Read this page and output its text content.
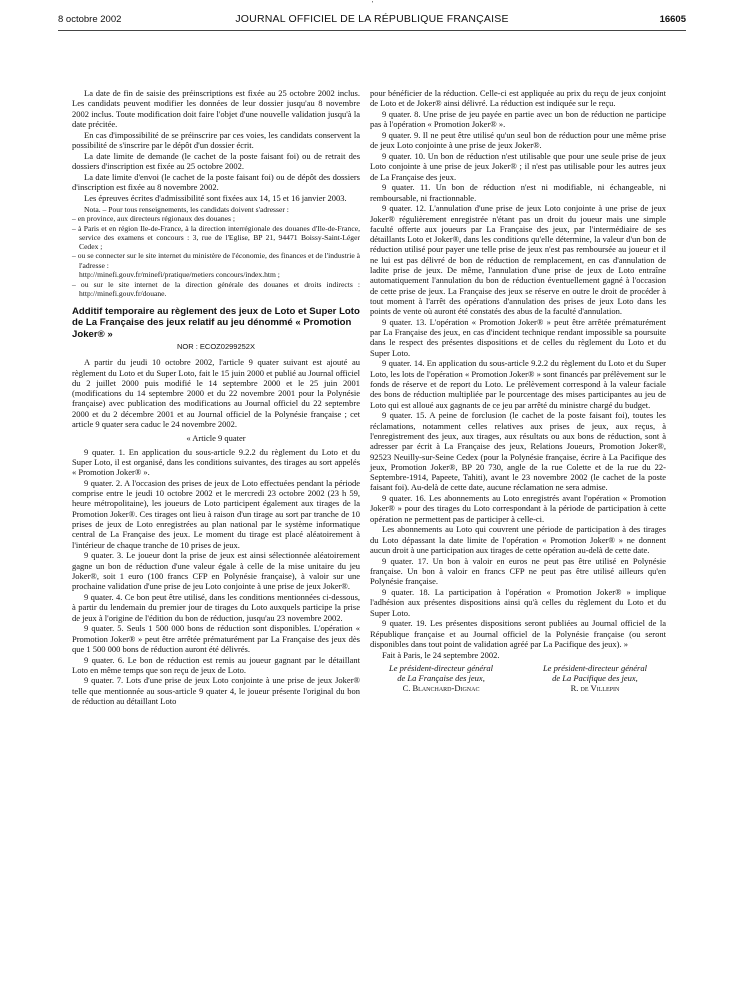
'
8 octobre 2002	JOURNAL OFFICIEL DE LA RÉPUBLIQUE FRANÇAISE	16605

La date de fin de saisie des préinscriptions est fixée au 25 octobre 2002 inclus. Les candidats peuvent modifier les données de leur dossier jusqu'au 8 novembre 2002 inclus. Toute modification doit faire l'objet d'une nouvelle validation jusqu'à la date précitée.

En cas d'impossibilité de se préinscrire par ces voies, les candidats conservent la possibilité de s'inscrire par le dépôt d'un dossier écrit.

La date limite de demande (le cachet de la poste faisant foi) ou de retrait des dossiers d'inscription est fixée au 25 octobre 2002.

La date limite d'envoi (le cachet de la poste faisant foi) ou de dépôt des dossiers d'inscription est fixée au 8 novembre 2002.

Les épreuves écrites d'admissibilité sont fixées aux 14, 15 et 16 janvier 2003.

Nota. – Pour tous renseignements, les candidats doivent s'adresser :

– en province, aux directeurs régionaux des douanes ;

– à Paris et en région Ile-de-France, à la direction interrégionale des douanes d'Ile-de-France, service des examens et concours : 3, rue de l'Eglise, BP 21, 94471 Boissy-Saint-Léger Cedex ;

– ou se connecter sur le site internet du ministère de l'économie, des finances et de l'industrie à l'adresse :

http://minefi.gouv.fr/minefi/pratique/metiers concours/index.htm ;

– ou sur le site internet de la direction générale des douanes et droits indirects : http://minefi.gouv.fr/douane.

Additif temporaire au règlement des jeux de Loto et Super Loto de La Française des jeux relatif au jeu dénommé « Promotion Joker® »
NOR : ECOZ0299252X

A partir du jeudi 10 octobre 2002, l'article 9 quater suivant est ajouté au règlement du Loto et du Super Loto, fait le 15 juin 2000 et publié au Journal officiel du 2 juillet 2000 puis modifié le 14 septembre 2000 et le 25 juin 2001 (modifications du 14 septembre 2000 et du 22 novembre 2001 pour la Polynésie française) avec publication des modifications au Journal officiel du 22 septembre 2000 et du 2 décembre 2001 et au Journal officiel de la Polynésie française ; cet article 9 quater sera caduc le 24 novembre 2002.

« Article 9 quater

9 quater. 1. En application du sous-article 9.2.2 du règlement du Loto et du Super Loto, il est organisé, dans les conditions suivantes, des tirages au sort appelés « Promotion Joker® ».

9 quater. 2. A l'occasion des prises de jeux de Loto effectuées pendant la période comprise entre le jeudi 10 octobre 2002 et le mercredi 23 octobre 2002 (23 h 59, heure métropolitaine), les joueurs de Loto participent également aux tirages de la Promotion Joker®. Ces tirages ont lieu à raison d'un tirage au sort par tranche de 10 prises de jeux de Loto enregistrées au plan national par le système informatique central de La Française des jeux. Le moment du tirage est placé aléatoirement à l'intérieur de chaque tranche de 10 prises de jeux.

9 quater. 3. Le joueur dont la prise de jeux est ainsi sélectionnée aléatoirement gagne un bon de réduction d'une valeur égale à celle de la mise unitaire du jeu Joker®, soit 1 euro (100 francs CFP en Polynésie française), à valoir sur une prochaine validation d'une prise de jeu Loto conjointe à une prise de jeux Joker®.

9 quater. 4. Ce bon peut être utilisé, dans les conditions mentionnées ci-dessous, à partir du lendemain du premier jour de tirages du Loto auxquels participe la prise de jeux à l'origine de l'édition du bon de réduction, jusqu'au 23 novembre 2002.

9 quater. 5. Seuls 1 500 000 bons de réduction sont disponibles. L'opération « Promotion Joker® » peut être arrêtée prématurément par La Française des jeux dès que 1 500 000 bons de réduction auront été délivrés.

9 quater. 6. Le bon de réduction est remis au joueur gagnant par le détaillant Loto en même temps que son reçu de jeux de Loto.

9 quater. 7. Lots d'une prise de jeux Loto conjointe à une prise de jeux Joker® telle que mentionnée au sous-article 9 quater 4, le joueur présente l'original du bon de réduction au détaillant Loto

pour bénéficier de la réduction. Celle-ci est appliquée au prix du reçu de jeux conjoint de Loto et de Joker® ainsi délivré. La réduction est indiquée sur le reçu.

9 quater. 8. Une prise de jeu payée en partie avec un bon de réduction ne participe pas à l'opération « Promotion Joker® ».

9 quater. 9. Il ne peut être utilisé qu'un seul bon de réduction pour une même prise de jeux Loto conjointe à une prise de jeux Joker®.

9 quater. 10. Un bon de réduction n'est utilisable que pour une seule prise de jeux Loto conjointe à une prise de jeux Joker® ; il n'est pas utilisable pour les autres jeux de La Française des jeux.

9 quater. 11. Un bon de réduction n'est ni modifiable, ni échangeable, ni remboursable, ni fractionnable.

9 quater. 12. L'annulation d'une prise de jeux Loto conjointe à une prise de jeux Joker® régulièrement enregistrée n'étant pas un droit du joueur mais une simple faculté offerte aux joueurs par La Française des jeux, par l'intermédiaire de ses détaillants Loto et Joker®, dans les conditions qu'elle détermine, la valeur d'un bon de réduction utilisé pour payer une telle prise de jeux n'est pas remboursée au joueur et il ne lui est pas délivré de bon de réduction de remplacement, en cas d'annulation de ladite prise de jeux. De même, l'annulation d'une prise de jeux de Loto entraîne automatiquement l'annulation du bon de réduction éventuellement gagné à l'occasion de cette prise de jeux. La Française des jeux se réserve en outre le droit de procéder à tout moment à l'arrêt des opérations d'annulation des prises de jeux Loto dans les points de vente où auront été constatés des abus de la faculté d'annulation.

9 quater. 13. L'opération « Promotion Joker® » peut être arrêtée prématurément par La Française des jeux, en cas d'incident technique rendant impossible sa poursuite dans le respect des présentes dispositions et de celles du règlement du Loto et du Super Loto.

9 quater. 14. En application du sous-article 9.2.2 du règlement du Loto et du Super Loto, les lots de l'opération « Promotion Joker® » sont financés par prélèvement sur le fonds de réserve et de report du Loto. Le prélèvement correspond à la valeur faciale des bons de réduction multipliée par le pourcentage des mises participantes au jeu de Loto qui est alloué aux gagnants de ce jeu par arrêté du ministre chargé du budget.

9 quater. 15. A peine de forclusion (le cachet de la poste faisant foi), toutes les réclamations, notamment celles relatives aux prises de jeux, aux reçus, à l'enregistrement des jeux, aux tirages, aux résultats ou aux bons de réduction, sont à adresser par écrit à La Française des jeux, Relations Joueurs, Promotion Joker®, 92523 Neuilly-sur-Seine Cedex (pour la Polynésie française, écrire à La Pacifique des jeux, Promotion Joker®, BP 20 730, angle de la rue Colette et de la rue du 22-Septembre-1914, Papeete, Tahiti), avant le 23 novembre 2002 (le cachet de la poste faisant foi). Au-delà de cette date, aucune réclamation ne sera admise.

9 quater. 16. Les abonnements au Loto enregistrés avant l'opération « Promotion Joker® » pour des tirages du Loto correspondant à la période de participation à cette opération ne permettent pas de participer à celle-ci.

Les abonnements au Loto qui couvrent une période de participation à des tirages du Loto dépassant la date limite de l'opération « Promotion Joker® » ne donnent aucun droit à une participation aux tirages de cette opération au-delà de cette date.

9 quater. 17. Un bon à valoir en euros ne peut pas être utilisé en Polynésie française. Un bon à valoir en francs CFP ne peut pas être utilisé ailleurs qu'en Polynésie française.

9 quater. 18. La participation à l'opération « Promotion Joker® » implique l'adhésion aux présentes dispositions ainsi qu'à celles du règlement du Loto et du Super Loto.

9 quater. 19. Les présentes dispositions seront publiées au Journal officiel de la République française et au Journal officiel de la Polynésie française (ou seront disponibles dans tout point de validation agréé par La Pacifique des jeux). »

Fait à Paris, le 24 septembre 2002.

Le président-directeur général
de La Française des jeux,
C. Blanchard-Dignac
Le président-directeur général
de La Pacifique des jeux,
R. de Villepin
